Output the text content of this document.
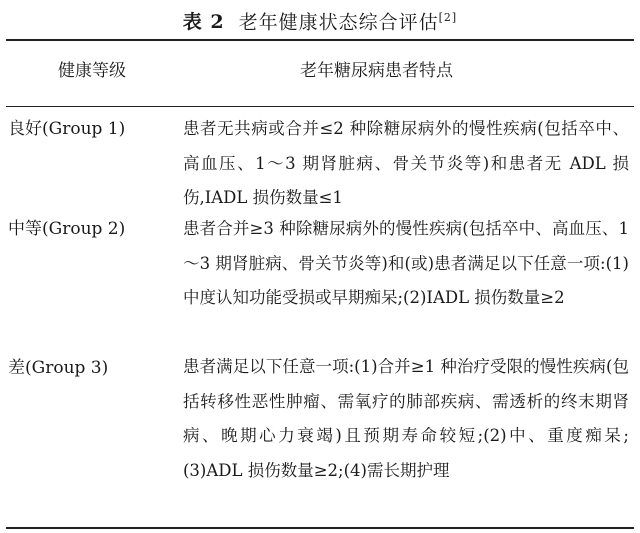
表 2 老年健康状态综合评估[2]
健康等级	老年糖尿病患者特点
良好(Group 1)	患者无共病或合并≤2 种除糖尿病外的慢性疾病(包括卒中、高血压、1～3 期肾脏病、骨关节炎等)和患者无 ADL 损伤,IADL 损伤数量≤1
中等(Group 2)	患者合并≥3 种除糖尿病外的慢性疾病(包括卒中、高血压、1～3 期肾脏病、骨关节炎等)和(或)患者满足以下任意一项:(1)中度认知功能受损或早期痴呆;(2)IADL 损伤数量≥2
差(Group 3)	患者满足以下任意一项:(1)合并≥1 种治疗受限的慢性疾病(包括转移性恶性肿瘤、需氧疗的肺部疾病、需透析的终末期肾病、晚期心力衰竭)且预期寿命较短;(2)中、重度痴呆;(3)ADL 损伤数量≥2;(4)需长期护理
